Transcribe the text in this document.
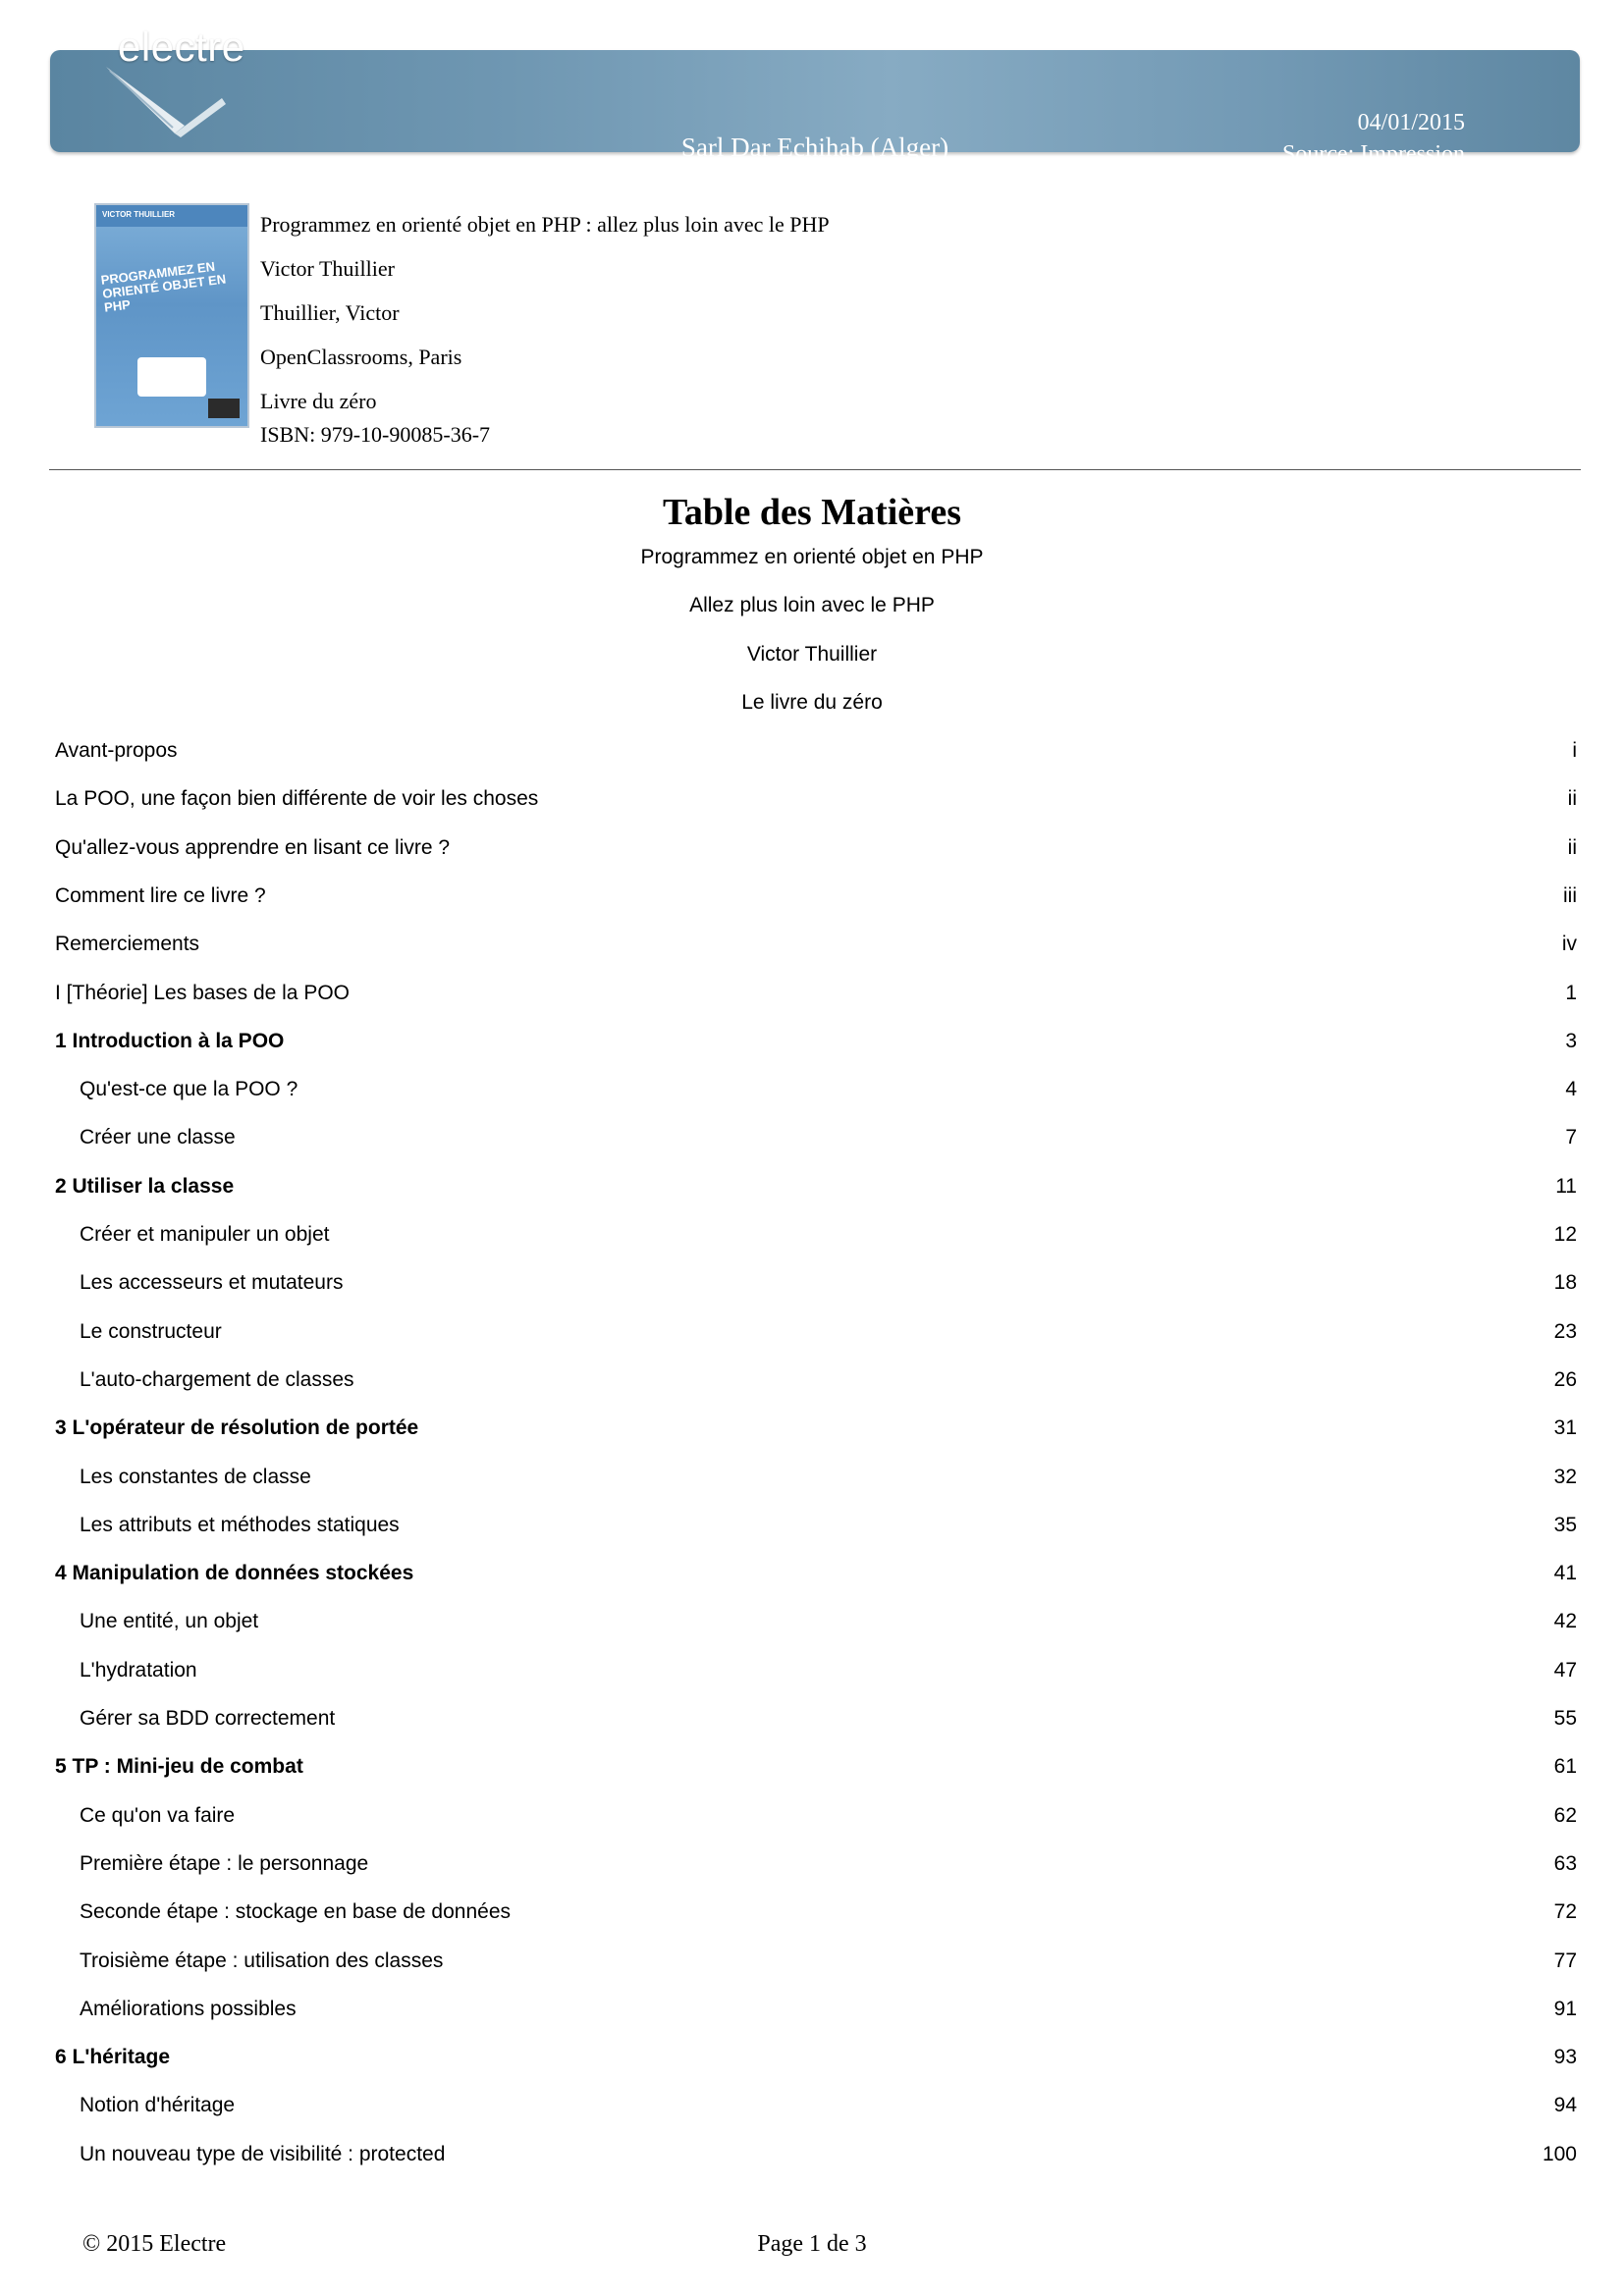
Sarl Dar Echihab (Alger)
04/01/2015
Source: Impression
electre
VICTOR THUILLIER
PROGRAMMEZ EN ORIENTÉ OBJET EN PHP
Programmez en orienté objet en PHP : allez plus loin avec le PHP
Victor Thuillier
Thuillier, Victor
OpenClassrooms, Paris
Livre du zéro
ISBN: 979-10-90085-36-7
Table des Matières
Programmez en orienté objet en PHP
Allez plus loin avec le PHP
Victor Thuillier
Le livre du zéro
Avant-propos	i
La POO, une façon bien différente de voir les choses	ii
Qu'allez-vous apprendre en lisant ce livre ?	ii
Comment lire ce livre ?	iii
Remerciements	iv
I [Théorie] Les bases de la POO	1
1 Introduction à la POO	3
Qu'est-ce que la POO ?	4
Créer une classe	7
2 Utiliser la classe	11
Créer et manipuler un objet	12
Les accesseurs et mutateurs	18
Le constructeur	23
L'auto-chargement de classes	26
3 L'opérateur de résolution de portée	31
Les constantes de classe	32
Les attributs et méthodes statiques	35
4 Manipulation de données stockées	41
Une entité, un objet	42
L'hydratation	47
Gérer sa BDD correctement	55
5 TP : Mini-jeu de combat	61
Ce qu'on va faire	62
Première étape : le personnage	63
Seconde étape : stockage en base de données	72
Troisième étape : utilisation des classes	77
Améliorations possibles	91
6 L'héritage	93
Notion d'héritage	94
Un nouveau type de visibilité : protected	100
© 2015 Electre	Page 1 de 3
